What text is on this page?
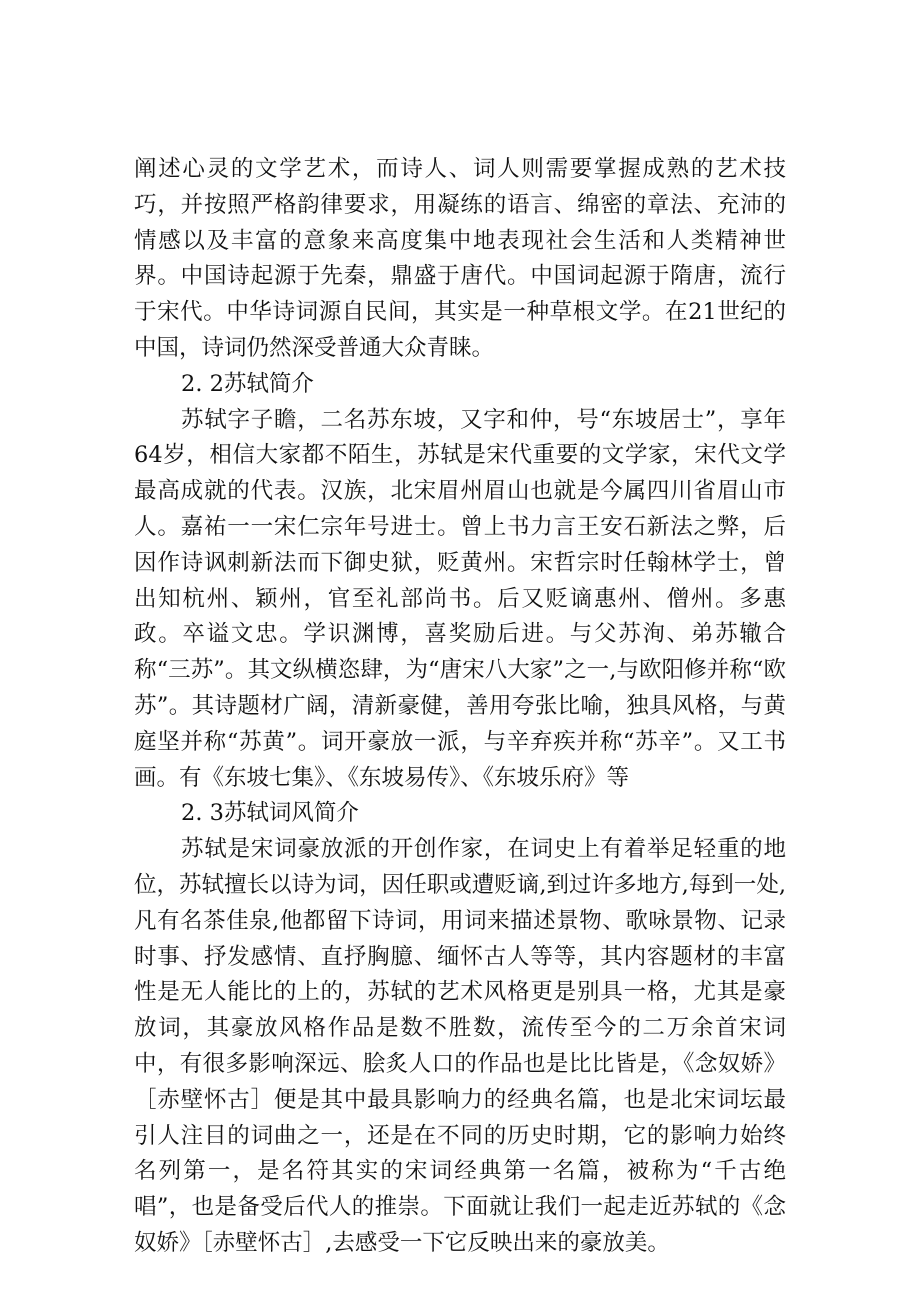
阐述心灵的文学艺术，而诗人、词人则需要掌握成熟的艺术技巧，并按照严格韵律要求，用凝练的语言、绵密的章法、充沛的情感以及丰富的意象来高度集中地表现社会生活和人类精神世界。中国诗起源于先秦，鼎盛于唐代。中国词起源于隋唐，流行于宋代。中华诗词源自民间，其实是一种草根文学。在21世纪的中国，诗词仍然深受普通大众青睐。

2. 2苏轼简介

苏轼字子瞻，二名苏东坡，又字和仲，号“东坡居士”，享年64岁，相信大家都不陌生，苏轼是宋代重要的文学家，宋代文学最高成就的代表。汉族，北宋眉州眉山也就是今属四川省眉山市人。嘉祐一一宋仁宗年号进士。曾上书力言王安石新法之弊，后因作诗讽刺新法而下御史狱，贬黄州。宋哲宗时任翰林学士，曾出知杭州、颖州，官至礼部尚书。后又贬谪惠州、僧州。多惠政。卒谥文忠。学识渊博，喜奖励后进。与父苏洵、弟苏辙合称“三苏”。其文纵横恣肆，为“唐宋八大家”之一,与欧阳修并称“欧苏”。其诗题材广阔，清新豪健，善用夸张比喻，独具风格，与黄庭坚并称“苏黄”。词开豪放一派，与辛弃疾并称“苏辛”。又工书画。有《东坡七集》、《东坡易传》、《东坡乐府》等

2. 3苏轼词风简介

苏轼是宋词豪放派的开创作家，在词史上有着举足轻重的地位，苏轼擅长以诗为词，因任职或遭贬谪,到过许多地方,每到一处,凡有名茶佳泉,他都留下诗词，用词来描述景物、歌咏景物、记录时事、抒发感情、直抒胸臆、缅怀古人等等，其内容题材的丰富性是无人能比的上的，苏轼的艺术风格更是别具一格，尤其是豪放词，其豪放风格作品是数不胜数，流传至今的二万余首宋词中，有很多影响深远、脍炙人口的作品也是比比皆是，《念奴娇》［赤壁怀古］便是其中最具影响力的经典名篇，也是北宋词坛最引人注目的词曲之一，还是在不同的历史时期，它的影响力始终名列第一，是名符其实的宋词经典第一名篇，被称为“千古绝唱”，也是备受后代人的推崇。下面就让我们一起走近苏轼的《念奴娇》［赤壁怀古］,去感受一下它反映出来的豪放美。
